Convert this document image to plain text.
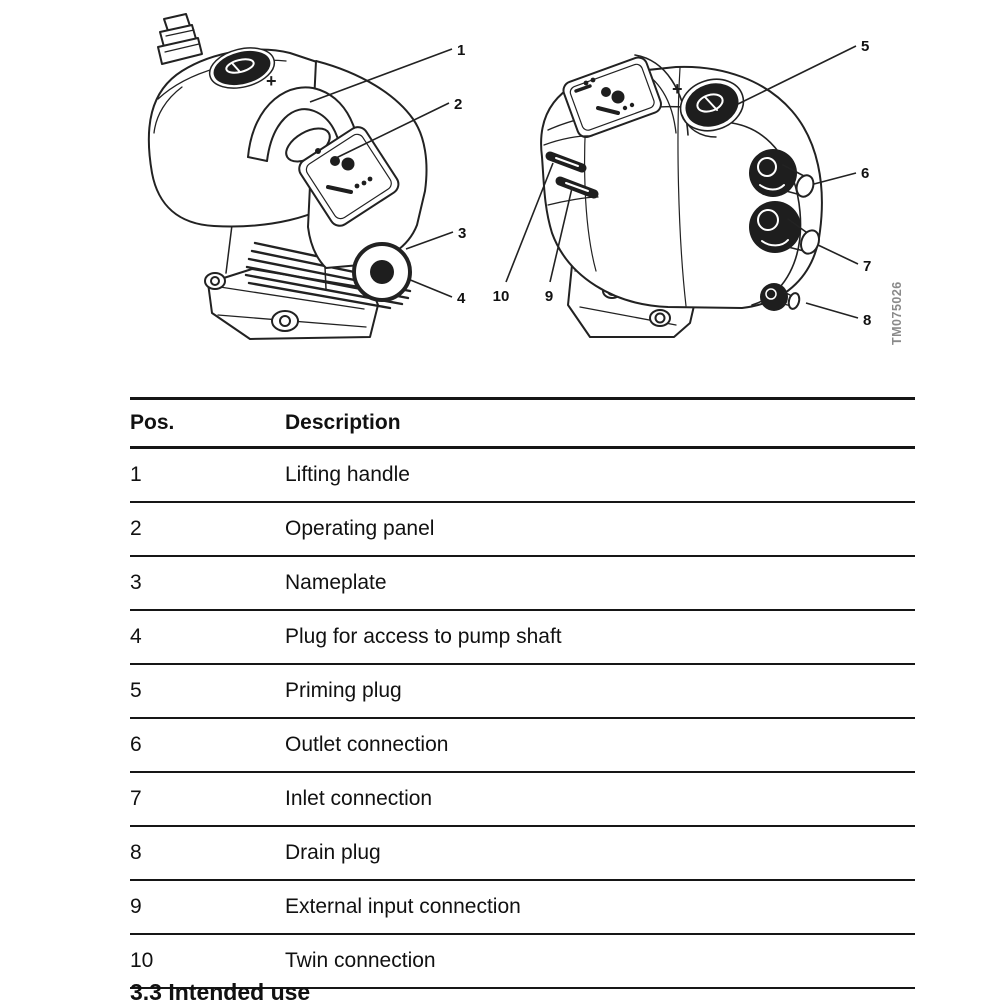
+	+
1
2
3
4
5
6
7
8
9
10	TM075026
Pos.	Description
1	Lifting handle
2	Operating panel
3	Nameplate
4	Plug for access to pump shaft
5	Priming plug
6	Outlet connection
7	Inlet connection
8	Drain plug
9	External input connection
10	Twin connection
3.3 Intended use
